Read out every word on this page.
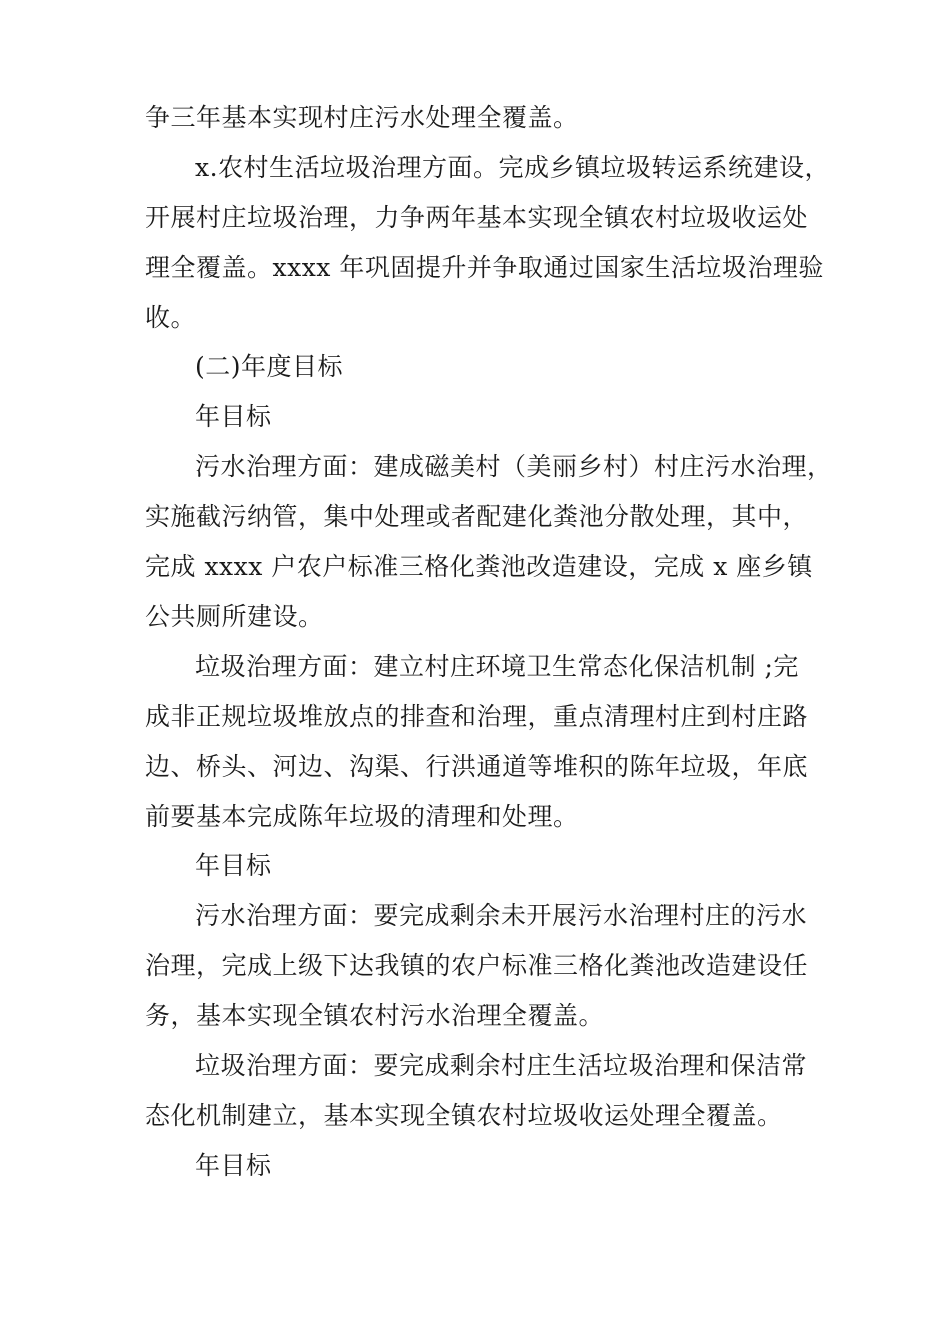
争三年基本实现村庄污水处理全覆盖。
x.农村生活垃圾治理方面。完成乡镇垃圾转运系统建设，
开展村庄垃圾治理，力争两年基本实现全镇农村垃圾收运处
理全覆盖。xxxx 年巩固提升并争取通过国家生活垃圾治理验
收。
(二)年度目标
年目标
污水治理方面：建成磁美村（美丽乡村）村庄污水治理，
实施截污纳管，集中处理或者配建化粪池分散处理，其中，
完成 xxxx 户农户标准三格化粪池改造建设，完成 x 座乡镇
公共厕所建设。
垃圾治理方面：建立村庄环境卫生常态化保洁机制 ;完
成非正规垃圾堆放点的排查和治理，重点清理村庄到村庄路
边、桥头、河边、沟渠、行洪通道等堆积的陈年垃圾，年底
前要基本完成陈年垃圾的清理和处理。
年目标
污水治理方面：要完成剩余未开展污水治理村庄的污水
治理，完成上级下达我镇的农户标准三格化粪池改造建设任
务，基本实现全镇农村污水治理全覆盖。
垃圾治理方面：要完成剩余村庄生活垃圾治理和保洁常
态化机制建立，基本实现全镇农村垃圾收运处理全覆盖。
年目标
